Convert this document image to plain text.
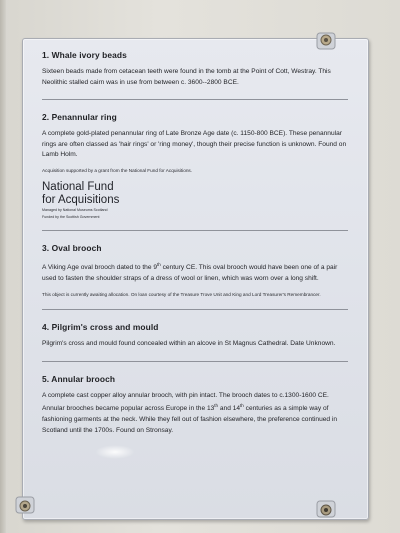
1. Whale ivory beads

Sixteen beads made from cetacean teeth were found in the tomb at the Point of Cott, Westray. This Neolithic stalled cairn was in use from between c. 3600--2800 BCE.

2. Penannular ring

A complete gold-plated penannular ring of Late Bronze Age date (c. 1150-800 BCE). These penannular rings are often classed as 'hair rings' or 'ring money', though their precise function is unknown. Found on Lamb Holm.

Acquisition supported by a grant from the National Fund for Acquisitions.

National Fund
for Acquisitions
Managed by National Museums Scotland
Funded by the Scottish Government

3. Oval brooch

A Viking Age oval brooch dated to the 9th century CE. This oval brooch would have been one of a pair used to fasten the shoulder straps of a dress of wool or linen, which was worn over a long shift.

This object is currently awaiting allocation. On loan courtesy of the Treasure Trove Unit and King and Lord Treasurer's Remembrancer.

4. Pilgrim's cross and mould

Pilgrim's cross and mould found concealed within an alcove in St Magnus Cathedral. Date Unknown.

5. Annular brooch

A complete cast copper alloy annular brooch, with pin intact. The brooch dates to c.1300-1600 CE. Annular brooches became popular across Europe in the 13th and 14th centuries as a simple way of fashioning garments at the neck. While they fell out of fashion elsewhere, the preference continued in Scotland until the 1700s. Found on Stronsay.
